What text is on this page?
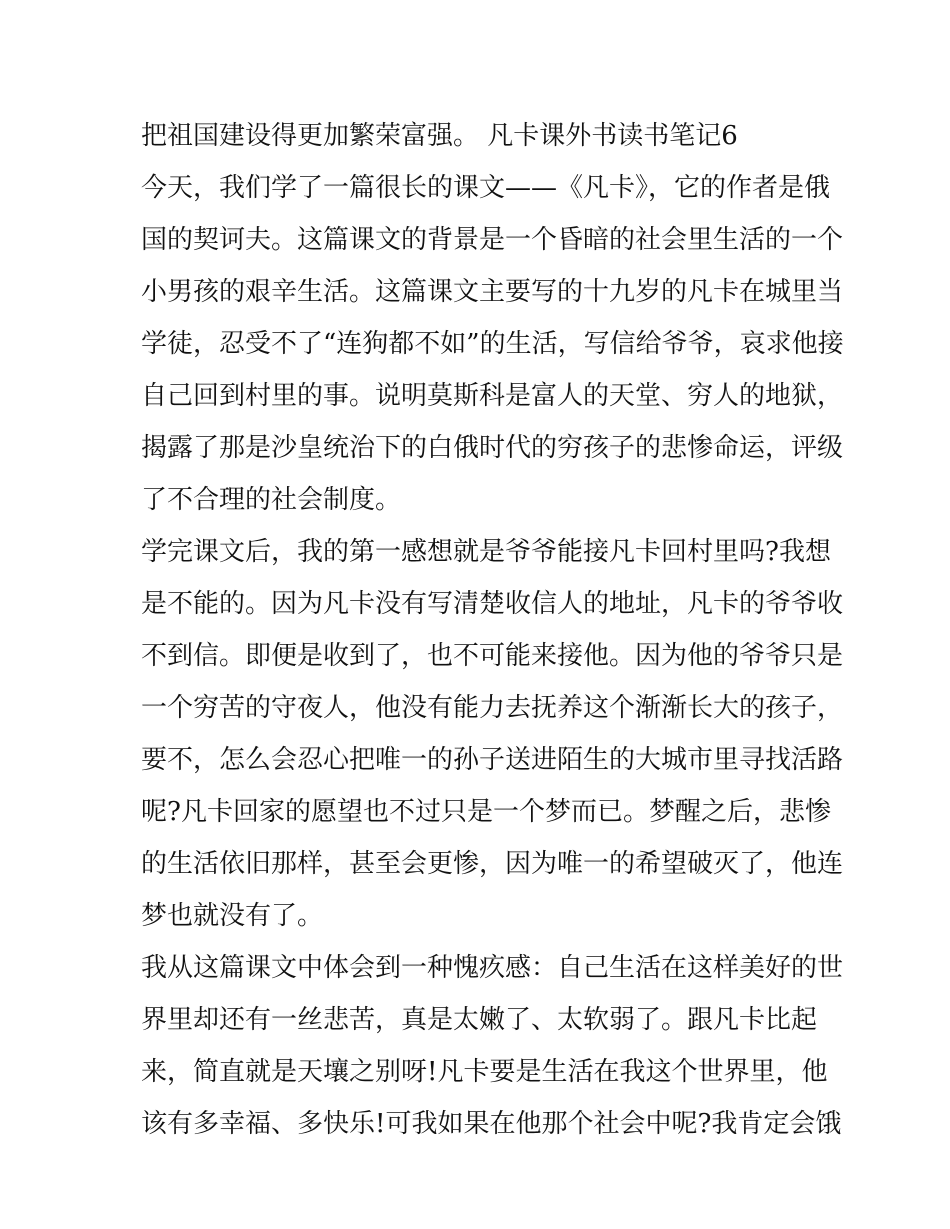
把祖国建设得更加繁荣富强。 凡卡课外书读书笔记6
今天，我们学了一篇很长的课文——《凡卡》，它的作者是俄
国的契诃夫。这篇课文的背景是一个昏暗的社会里生活的一个
小男孩的艰辛生活。这篇课文主要写的十九岁的凡卡在城里当
学徒，忍受不了“连狗都不如”的生活，写信给爷爷，哀求他接
自己回到村里的事。说明莫斯科是富人的天堂、穷人的地狱，
揭露了那是沙皇统治下的白俄时代的穷孩子的悲惨命运，评级
了不合理的社会制度。
学完课文后，我的第一感想就是爷爷能接凡卡回村里吗?我想
是不能的。因为凡卡没有写清楚收信人的地址，凡卡的爷爷收
不到信。即便是收到了，也不可能来接他。因为他的爷爷只是
一个穷苦的守夜人，他没有能力去抚养这个渐渐长大的孩子，
要不，怎么会忍心把唯一的孙子送进陌生的大城市里寻找活路
呢?凡卡回家的愿望也不过只是一个梦而已。梦醒之后，悲惨
的生活依旧那样，甚至会更惨，因为唯一的希望破灭了，他连
梦也就没有了。
我从这篇课文中体会到一种愧疚感：自己生活在这样美好的世
界里却还有一丝悲苦，真是太嫩了、太软弱了。跟凡卡比起
来，简直就是天壤之别呀!凡卡要是生活在我这个世界里，他
该有多幸福、多快乐!可我如果在他那个社会中呢?我肯定会饿
